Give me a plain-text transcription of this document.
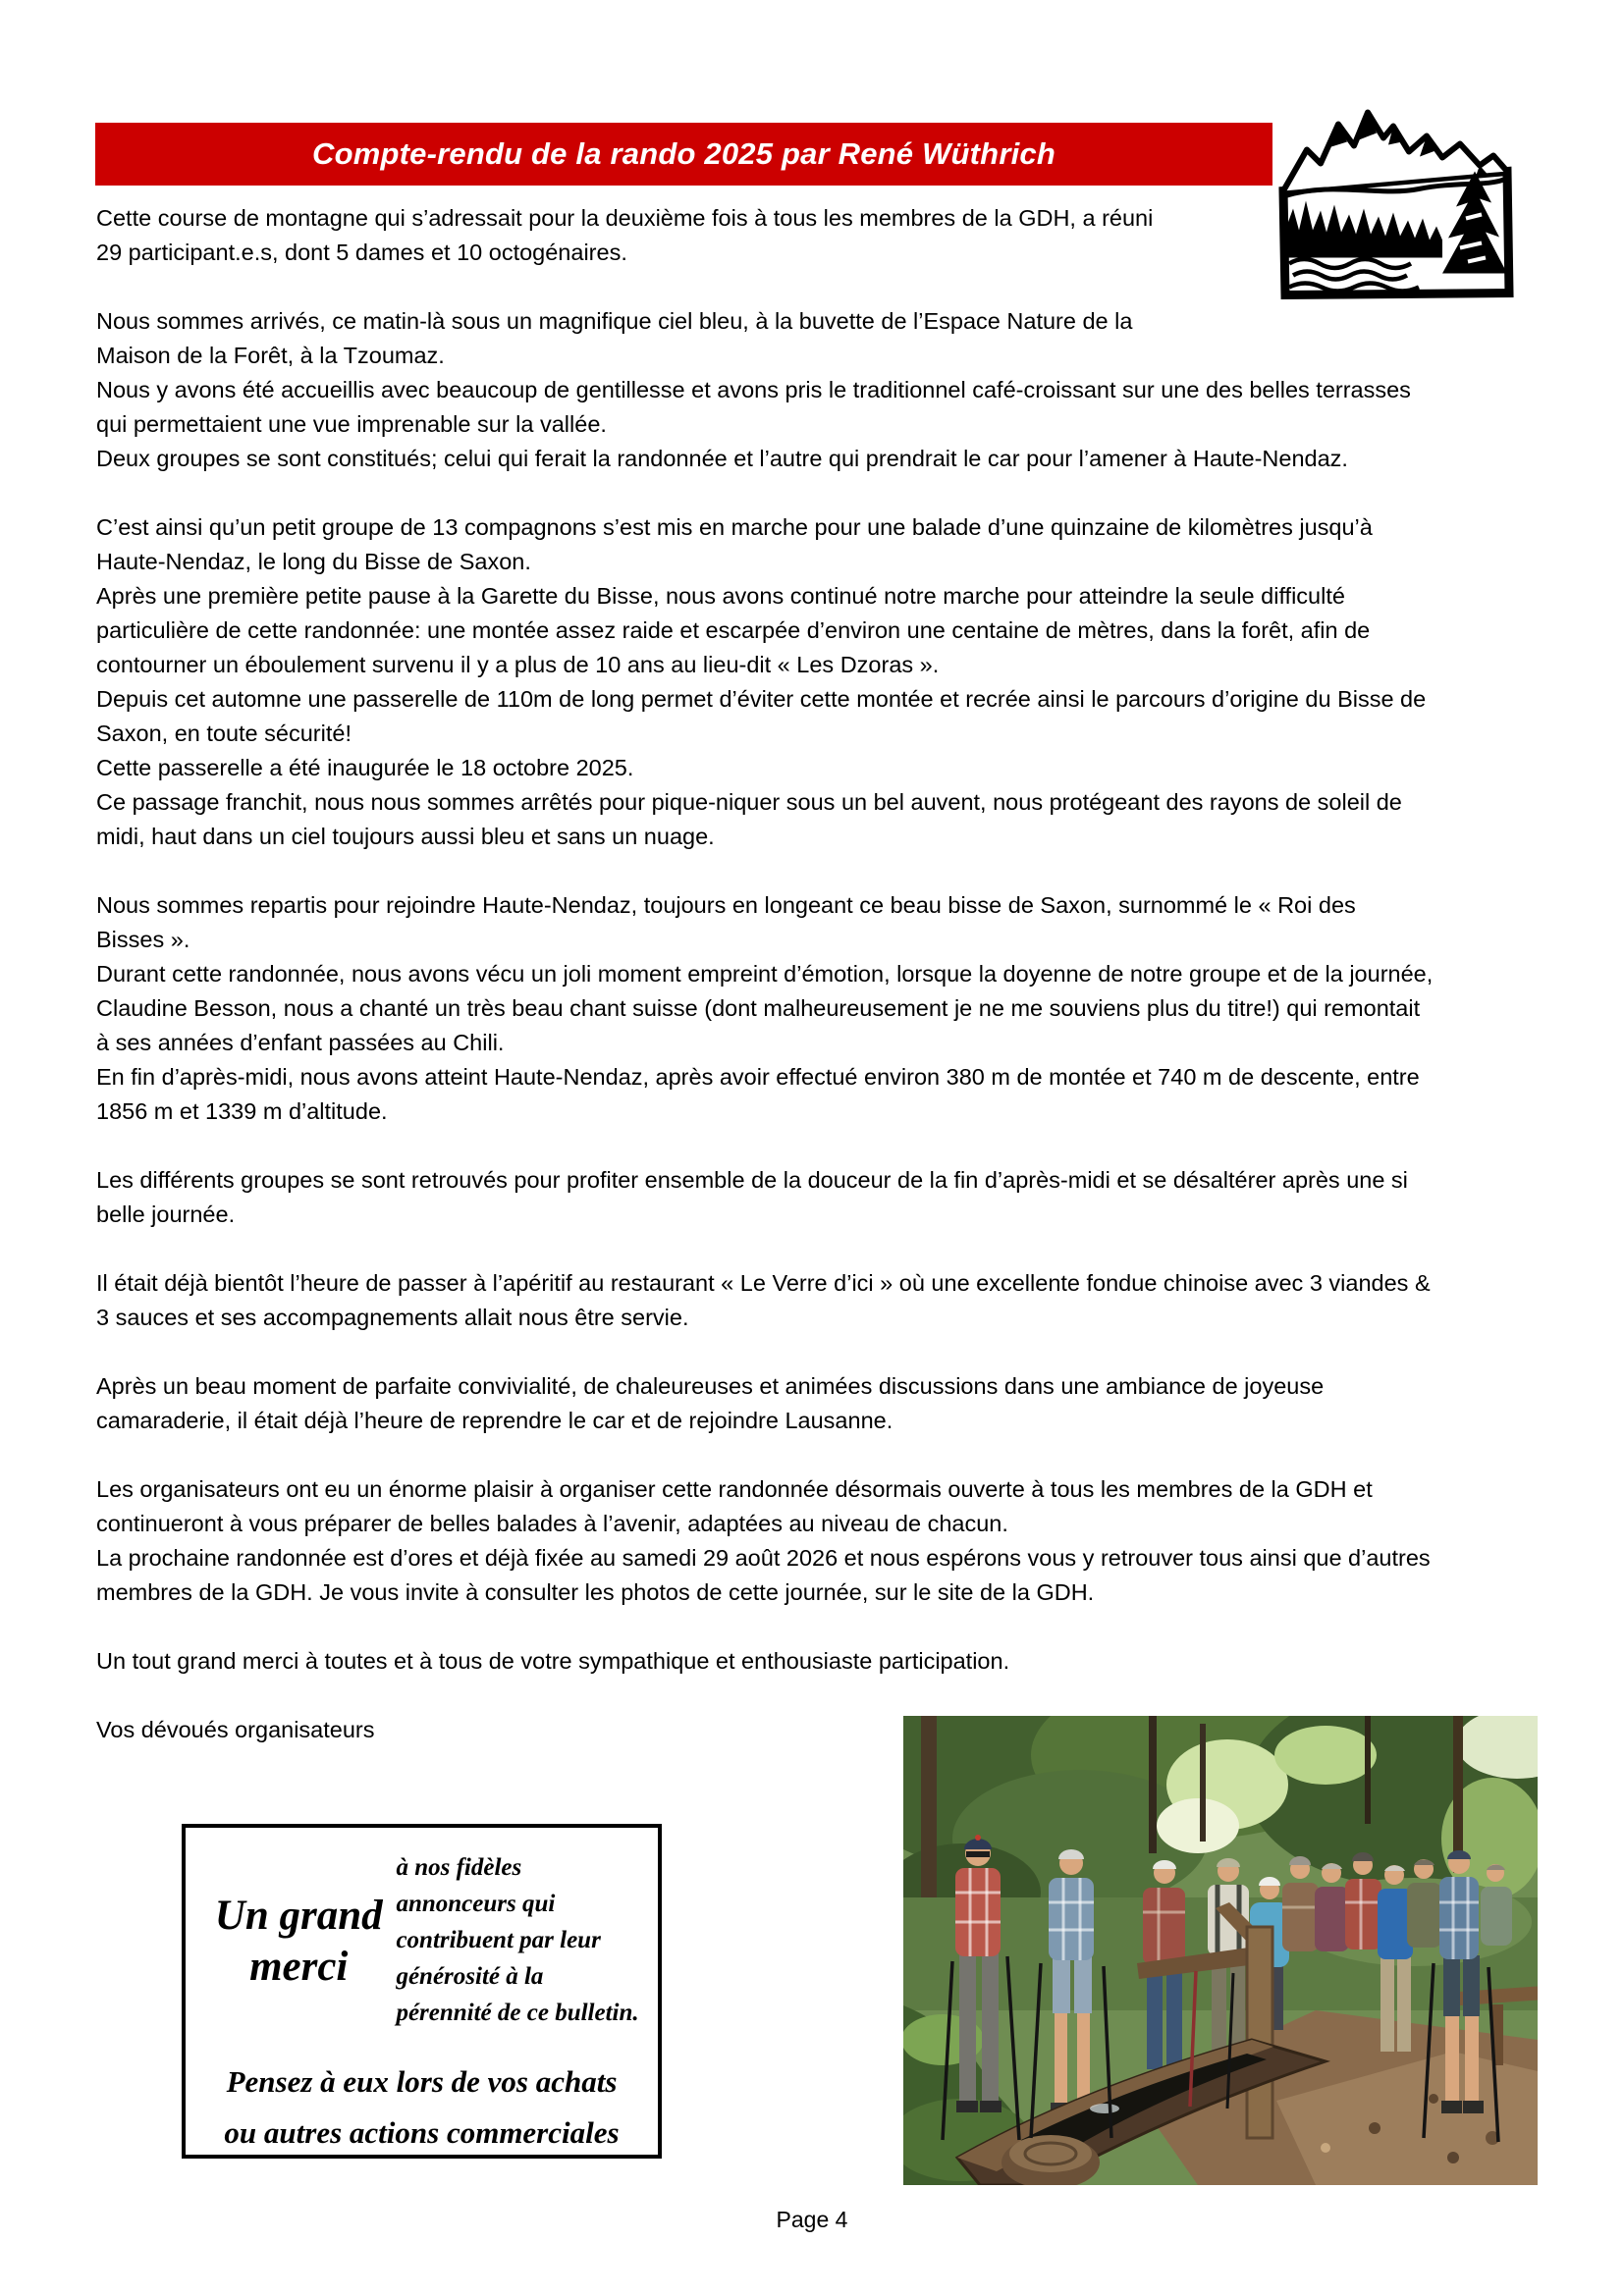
Compte-rendu de la rando 2025 par René Wüthrich
Cette course de montagne qui s’adressait pour la deuxième fois à tous les membres de la GDH, a réuni
29 participant.e.s, dont 5 dames et 10 octogénaires.
Nous sommes arrivés, ce matin-là sous un magnifique ciel bleu, à la buvette de l’Espace Nature de la
Maison de la Forêt, à la Tzoumaz.
Nous y avons été accueillis avec beaucoup de gentillesse et avons pris le traditionnel café-croissant sur une des belles terrasses
qui permettaient une vue imprenable sur la vallée.
Deux groupes se sont constitués; celui qui ferait la randonnée et l’autre qui prendrait le car pour l’amener à Haute-Nendaz.
C’est ainsi qu’un petit groupe de 13 compagnons s’est mis en marche pour une balade d’une quinzaine de kilomètres jusqu’à
Haute-Nendaz, le long du Bisse de Saxon.
Après une première petite pause à la Garette du Bisse, nous avons continué notre marche pour atteindre la seule difficulté
particulière de cette randonnée: une montée assez raide et escarpée d’environ une centaine de mètres, dans la forêt, afin de
contourner un éboulement survenu il y a plus de 10 ans au lieu-dit « Les Dzoras ».
Depuis cet automne une passerelle de 110m de long permet d’éviter cette montée et recrée ainsi le parcours d’origine du Bisse de
Saxon, en toute sécurité!
Cette passerelle a été inaugurée le 18 octobre 2025.
Ce passage franchit, nous nous sommes arrêtés pour pique-niquer sous un bel auvent, nous protégeant des rayons de soleil de
midi, haut dans un ciel toujours aussi bleu et sans un nuage.
Nous sommes repartis pour rejoindre Haute-Nendaz, toujours en longeant ce beau bisse de Saxon, surnommé le « Roi des
Bisses ».
Durant cette randonnée, nous avons vécu un joli moment empreint d’émotion, lorsque la doyenne de notre groupe et de la journée,
Claudine Besson, nous a chanté un très beau chant suisse (dont malheureusement je ne me souviens plus du titre!) qui remontait
à ses années d’enfant passées au Chili.
En fin d’après-midi, nous avons atteint Haute-Nendaz, après avoir effectué environ 380 m de montée et 740 m de descente, entre
1856 m et 1339 m d’altitude.
Les différents groupes se sont retrouvés pour profiter ensemble de la douceur de la fin d’après-midi et se désaltérer après une si
belle journée.
Il était déjà bientôt l’heure de passer à l’apéritif au restaurant « Le Verre d’ici » où une excellente fondue chinoise avec 3 viandes &
3 sauces et ses accompagnements allait nous être servie.
Après un beau moment de parfaite convivialité, de chaleureuses et animées discussions dans une ambiance de joyeuse
camaraderie, il était déjà l’heure de reprendre le car et de rejoindre Lausanne.
Les organisateurs ont eu un énorme plaisir à organiser cette randonnée désormais ouverte à tous les membres de la GDH et
continueront à vous préparer de belles balades à l’avenir, adaptées au niveau de chacun.
La prochaine randonnée est d’ores et déjà fixée au samedi 29 août 2026 et nous espérons vous y retrouver tous ainsi que d’autres
membres de la GDH. Je vous invite à consulter les photos de cette journée, sur le site de la GDH.
Un tout grand merci à toutes et à tous de votre sympathique et enthousiaste participation.
Vos dévoués organisateurs
Un grand merci
à nos fidèles annonceurs qui contribuent par leur générosité à la pérennité de ce bulletin.
Pensez à eux lors de vos achats
ou autres actions commerciales
Page 4
